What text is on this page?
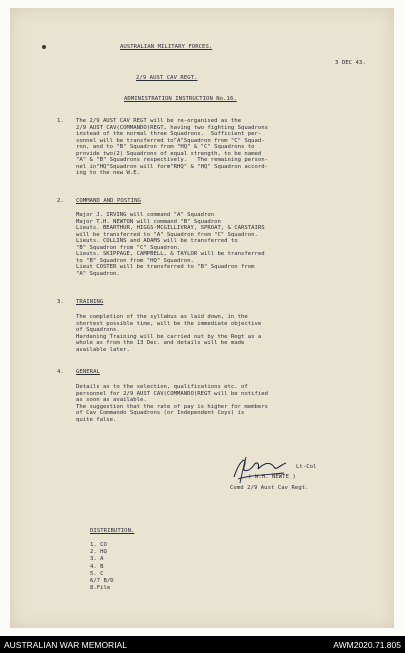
AUSTRALIAN MILITARY FORCES.
3 DEC 43.
2/9 AUST CAV REGT.
ADMINISTRATION INSTRUCTION No.16.
1. The 2/9 AUST CAV REGT will be re-organised as the
2/9 AUST CAV(COMMANDO)REGT, having two fighting Squadrons
instead of the normal three Squadrons.  Sufficient per-
sonnel will be transferred to"A"Squadron from "C" Squad-
ron, and to "B" Squadron from "HQ" & "C" Squadrons to
provide two(2) Squadrons of equal strength, to be named
"A" & "B" Squadrons respectively.   The remaining person-
nel in"HQ"Squadron will form"RHQ" & "HQ" Squadron accord-
ing to the new W.E.
2. COMMAND AND POSTING
Major J. IRVING will command "A" Squadron
Major T.H. NEWTON will command "B" Squadron
Lieuts. BEARTHUR, HIGGS-MCGILLIVRAY, SPROAT, & CARSTAIRS
will be transferred to "A" Squadron from "C" Squadron.
Lieuts. COLLINS and ADAMS will be transferred to
"B" Squadron from "C" Squadron.
Lieuts. SKIPPAGE, CAMPBELL, & TAYLOR will be transferred
to "B" Squadron from "HQ" Squadron.
Lieut COSTER will be transferred to "B" Squadron from
"A" Squadron.
3. TRAINING
The completion of the syllabus as laid down, in the
shortest possible time, will be the immediate objective
of Squadrons.
Hardening Training will be carried out by the Regt as a
whole as from the 13 Dec. and details will be made
available later.
4. GENERAL
Details as to the selection, qualifications etc. of
personnel for 2/9 AUST CAV(COMMANDO)REGT will be notified
as soon as available.
The suggestion that the rate of pay is higher for members
of Cav Commando Squadrons (or Independent Coys) is
quite false.
Lt-Col
( W.H. NEWTE )
Comd 2/9 Aust Cav Regt.
DISTRIBUTION.
1. CO
2. HQ
3. A
4. B
5. C
6/7 B/D
8.File
AUSTRALIAN WAR MEMORIAL	AWM2020.71.805
